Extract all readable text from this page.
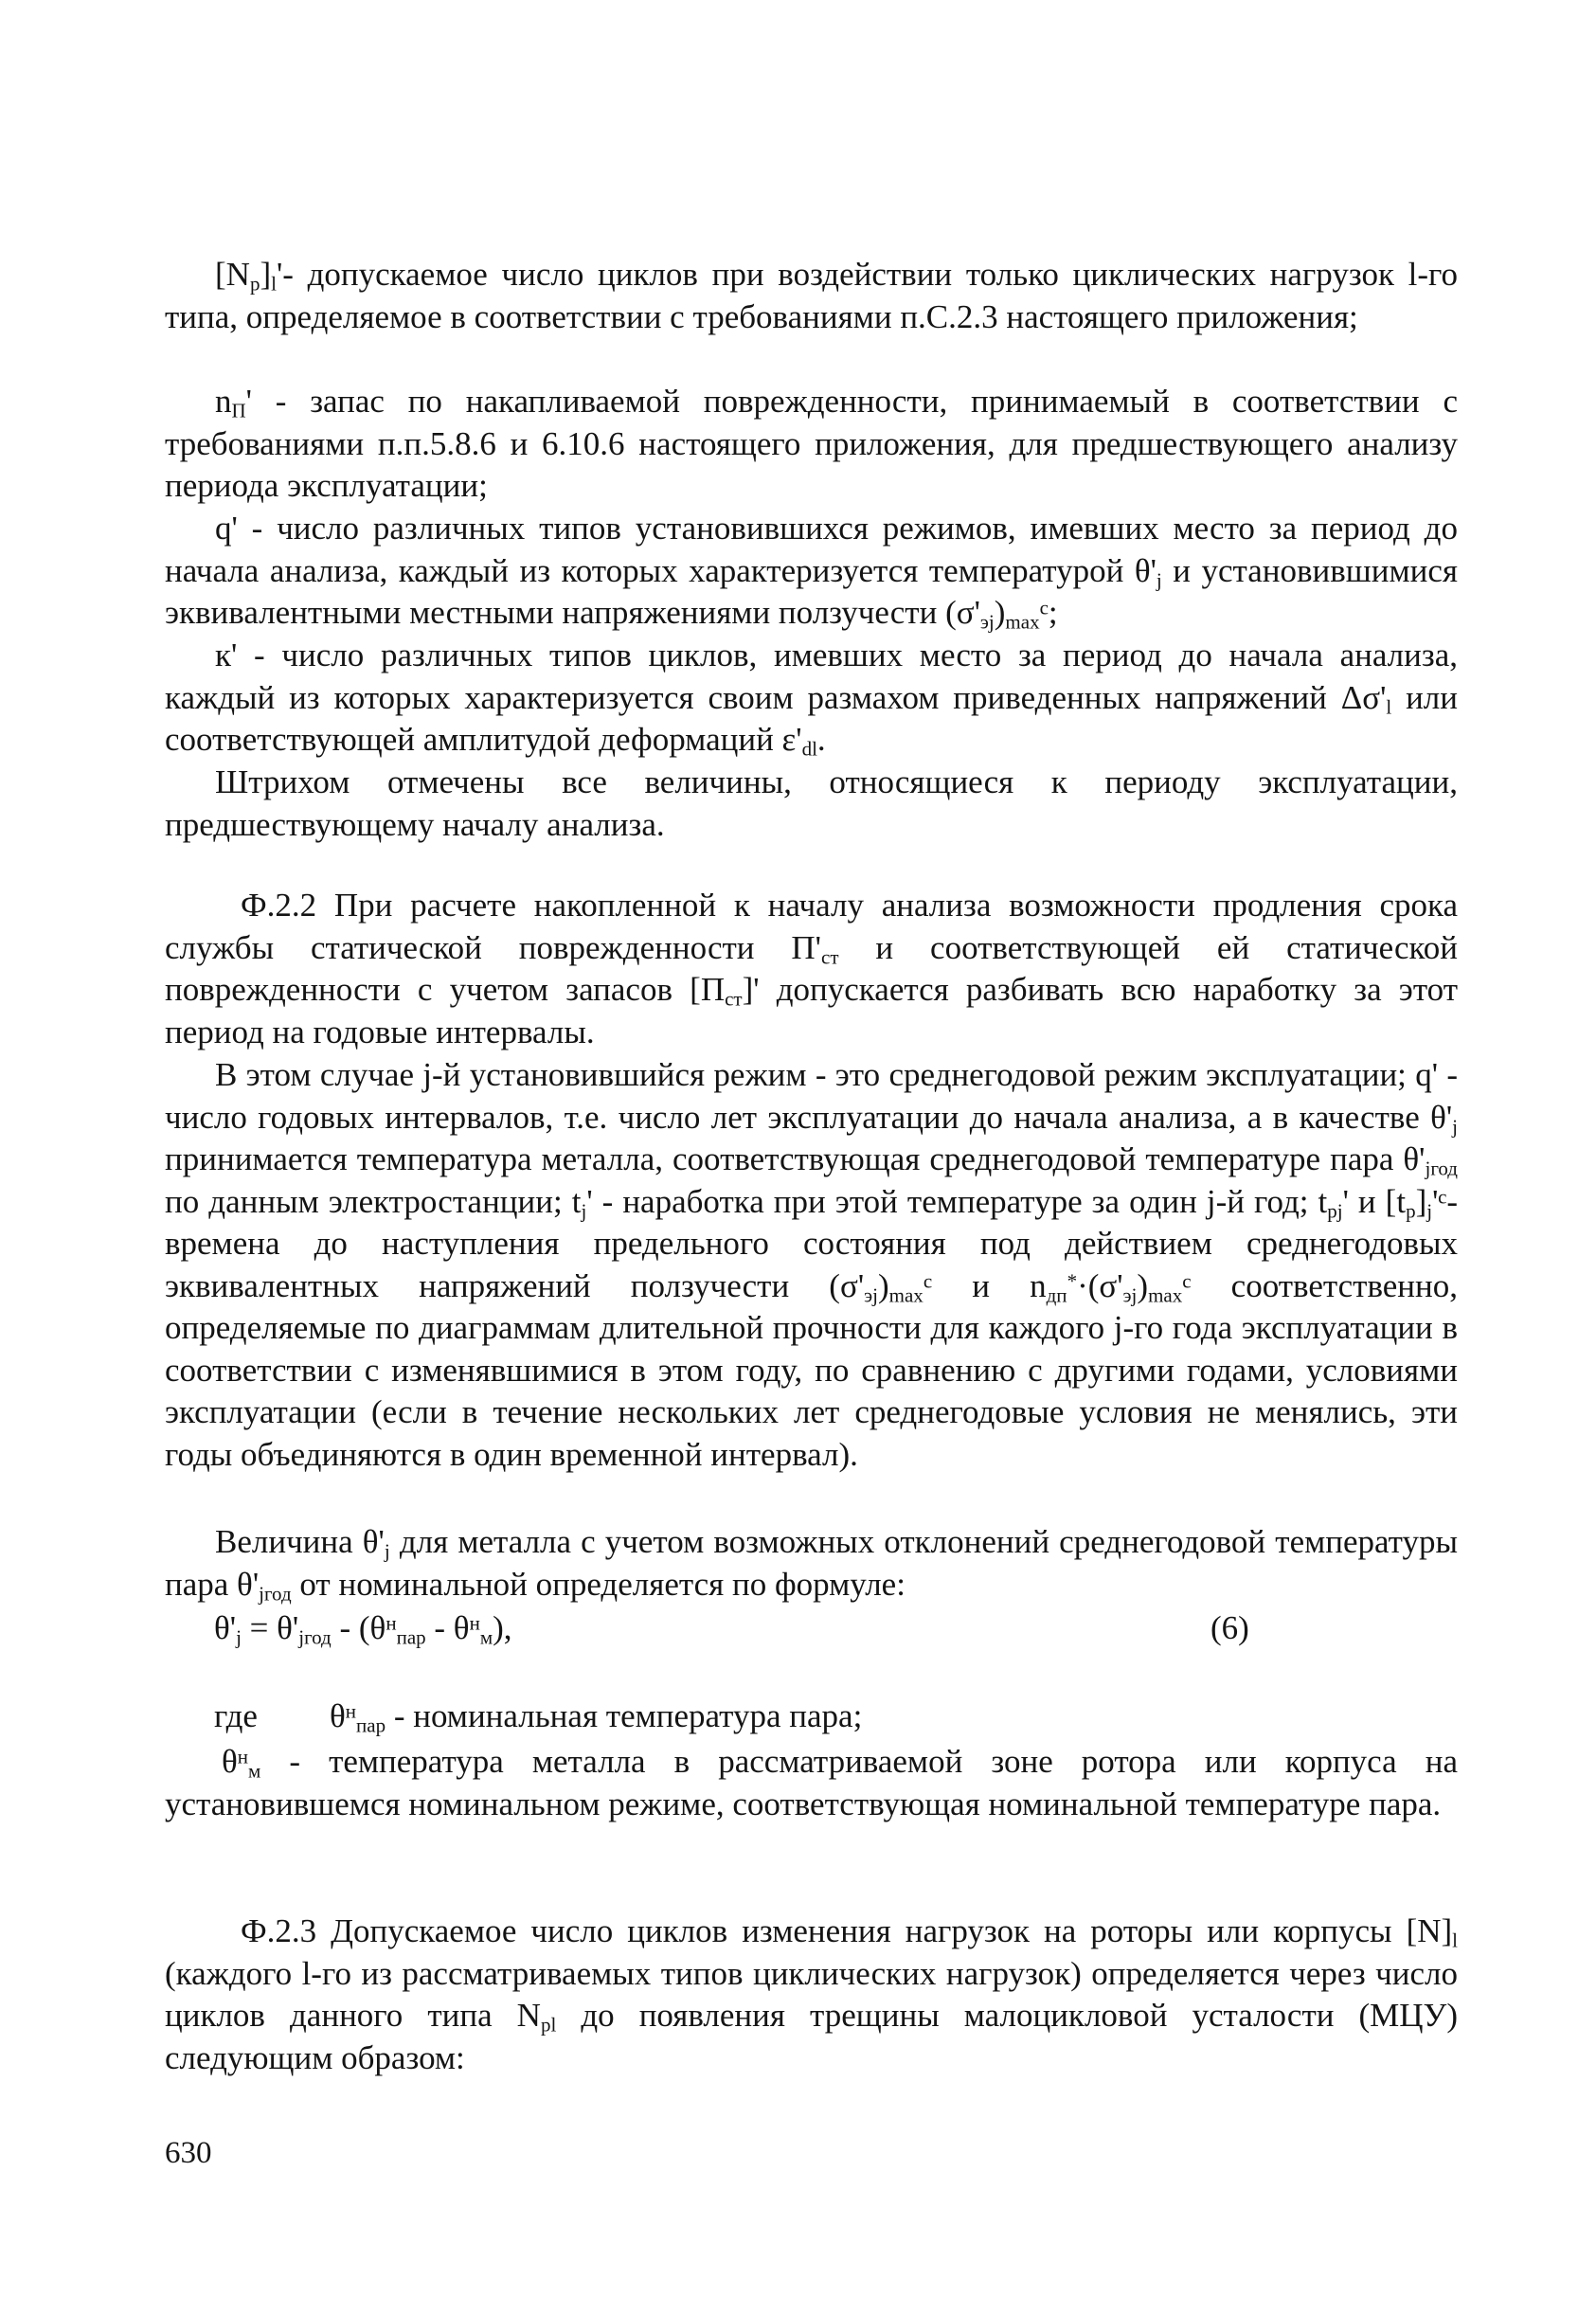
$[N_p]_l'-$ допускаемое число циклов при воздействии только циклических нагрузок l-го типа, определяемое в соответствии с требованиями п.С.2.3 настоящего приложения;

$n_П'$ - запас по накапливаемой поврежденности, принимаемый в соответствии с требованиями п.п.5.8.6 и 6.10.6 настоящего приложения, для предшествующего анализу периода эксплуатации;

q' - число различных типов установившихся режимов, имевших место за период до начала анализа, каждый из которых характеризуется температурой $\theta'_j$ и установившимися эквивалентными местными напряжениями ползучести $(\sigma'_{эj})_{max}^c$;

к' - число различных типов циклов, имевших место за период до начала анализа, каждый из которых характеризуется своим размахом приведенных напряжений $\Delta\sigma'_l$ или соответствующей амплитудой деформаций $\varepsilon'_{dl}$.

Штрихом отмечены все величины, относящиеся к периоду эксплуатации, предшествующему началу анализа.

Ф.2.2 При расчете накопленной к началу анализа возможности продления срока службы статической поврежденности $П'_{ст}$ и соответствующей ей статической поврежденности с учетом запасов $[П_{ст}]'$ допускается разбивать всю наработку за этот период на годовые интервалы.

В этом случае j-й установившийся режим - это среднегодовой режим эксплуатации; q' - число годовых интервалов, т.е. число лет эксплуатации до начала анализа, а в качестве $\theta'_j$ принимается температура металла, соответствующая среднегодовой температуре пара $\theta'_{jгод}$ по данным электростанции; $t_j'$ - наработка при этой температуре за один j-й год; $t_{pj}'$ и $[t_p]_j'ᶜ-$ времена до наступления предельного состояния под действием среднегодовых эквивалентных напряжений ползучести $(\sigma'_{эj})_{max}^c$ и $n_{дп}^*\cdot(\sigma'_{эj})_{max}^c$ соответственно, определяемые по диаграммам длительной прочности для каждого j-го года эксплуатации в соответствии с изменявшимися в этом году, по сравнению с другими годами, условиями эксплуатации (если в течение нескольких лет среднегодовые условия не менялись, эти годы объединяются в один временной интервал).

Величина $\theta'_j$ для металла с учетом возможных отклонений среднегодовой температуры пара $\theta'_{jгод}$ от номинальной определяется по формуле:

$\theta'_j = \theta'_{jгод} - (\theta^н_{пар} - \theta^н_м)$,	(6)
где $\theta^н_{пар}$ - номинальная температура пара;

$\theta^н_м$ - температура металла в рассматриваемой зоне ротора или корпуса на установившемся номинальном режиме, соответствующая номинальной температуре пара.

Ф.2.3 Допускаемое число циклов изменения нагрузок на роторы или корпусы $[N]_l$ (каждого l-го из рассматриваемых типов циклических нагрузок) определяется через число циклов данного типа $N_{pl}$ до появления трещины малоцикловой усталости (МЦУ) следующим образом:

630
